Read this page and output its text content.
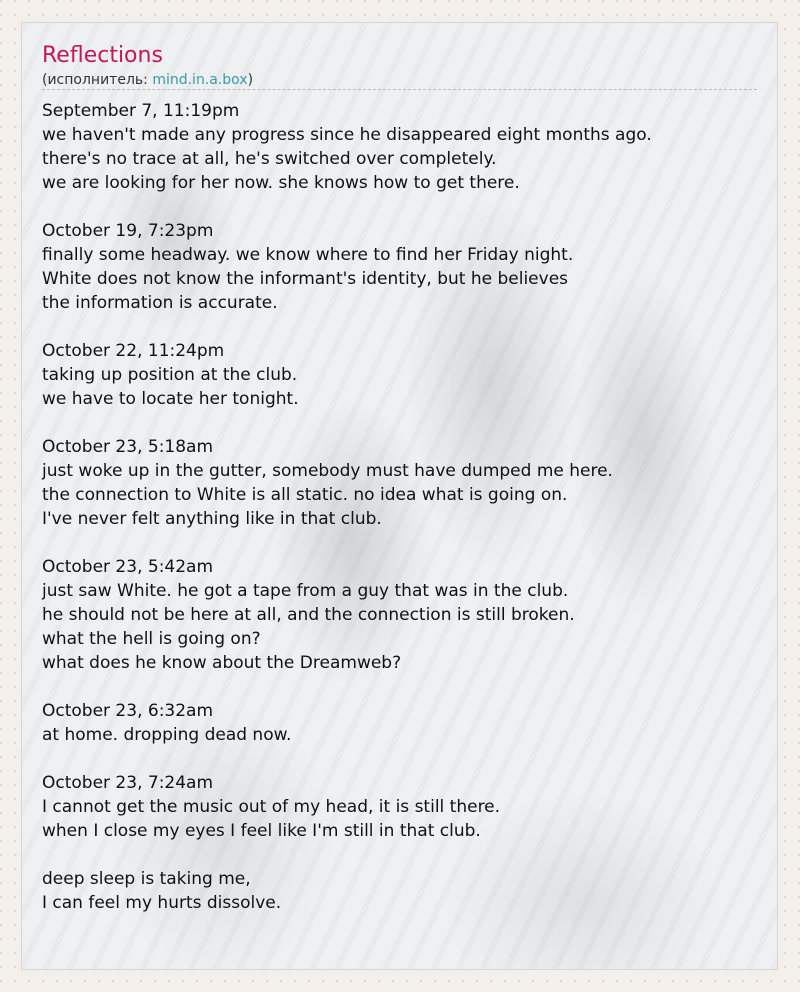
Reflections
(исполнитель: mind.in.a.box)
September 7, 11:19pm
we haven't made any progress since he disappeared eight months ago.
there's no trace at all, he's switched over completely.
we are looking for her now. she knows how to get there.
October 19, 7:23pm
finally some headway. we know where to find her Friday night.
White does not know the informant's identity, but he believes
the information is accurate.
October 22, 11:24pm
taking up position at the club.
we have to locate her tonight.
October 23, 5:18am
just woke up in the gutter, somebody must have dumped me here.
the connection to White is all static. no idea what is going on.
I've never felt anything like in that club.
October 23, 5:42am
just saw White. he got a tape from a guy that was in the club.
he should not be here at all, and the connection is still broken.
what the hell is going on?
what does he know about the Dreamweb?
October 23, 6:32am
at home. dropping dead now.
October 23, 7:24am
I cannot get the music out of my head, it is still there.
when I close my eyes I feel like I'm still in that club.
deep sleep is taking me,
I can feel my hurts dissolve.
